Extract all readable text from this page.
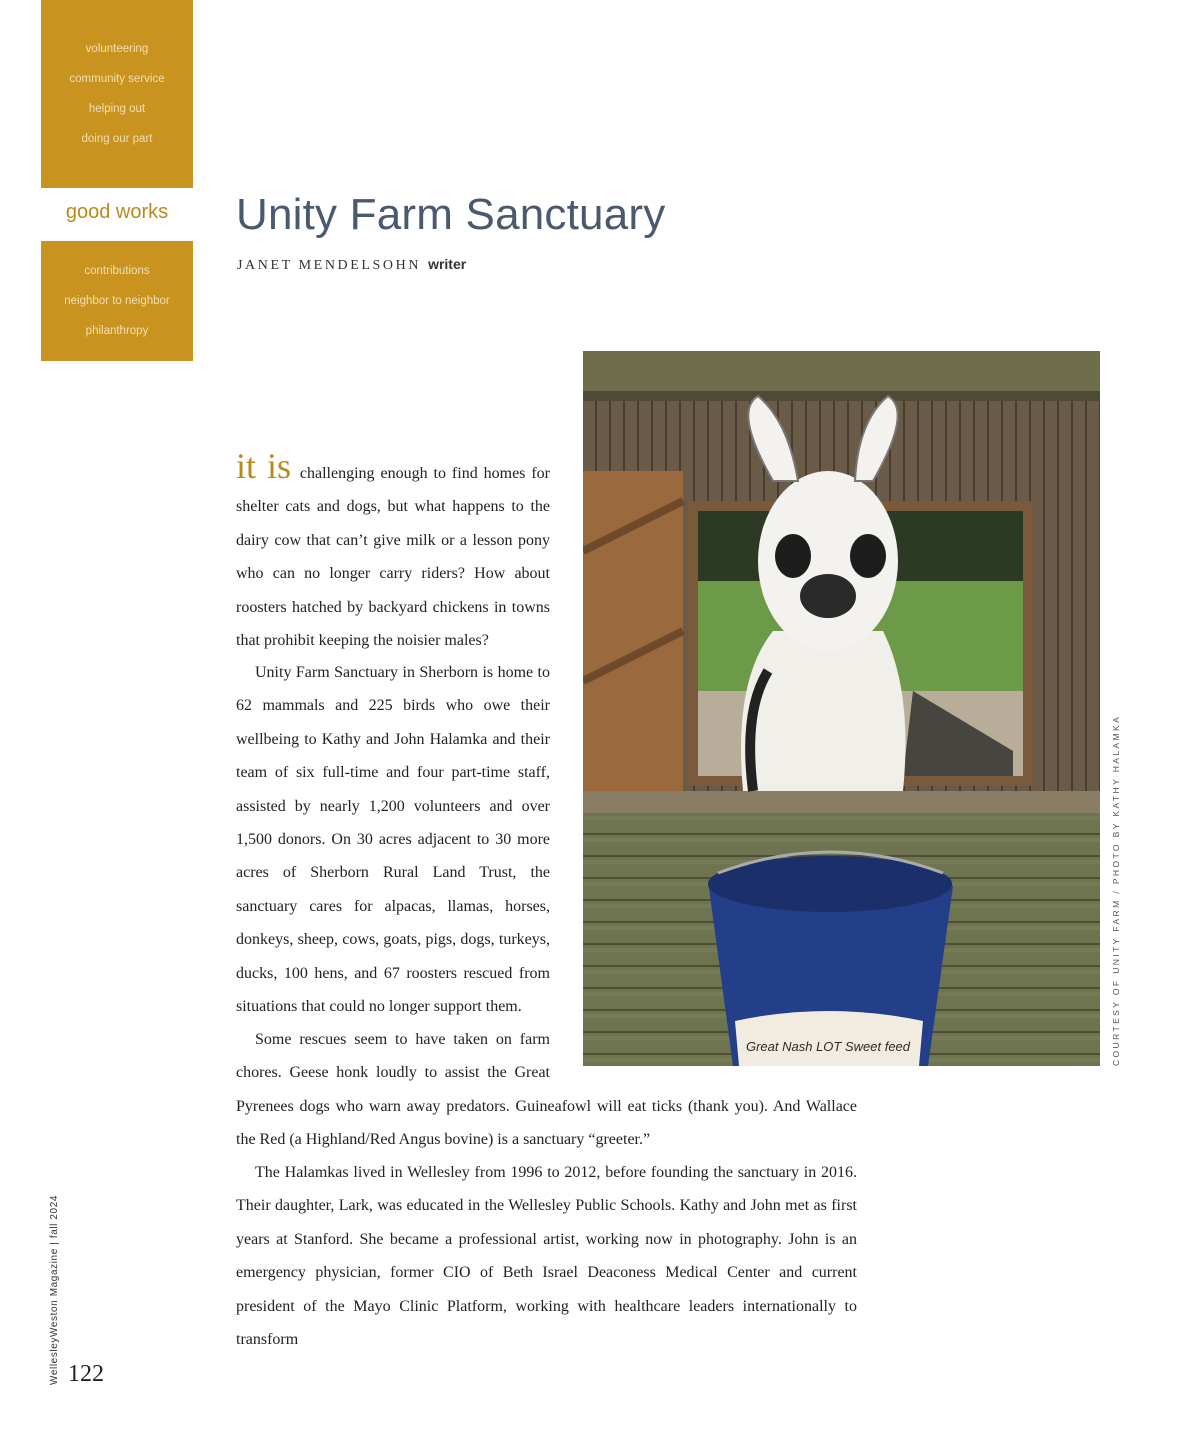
volunteering
community service
helping out
doing our part
good works
contributions
neighbor to neighbor
philanthropy
Unity Farm Sanctuary
JANET MENDELSOHN writer
Great Nash LOT Sweet feed	COURTESY OF UNITY FARM / PHOTO BY KATHY HALAMKA

it is challenging enough to find homes for shelter cats and dogs, but what happens to the dairy cow that can’t give milk or a lesson pony who can no longer carry riders? How about roosters hatched by backyard chickens in towns that prohibit keeping the noisier males?

Unity Farm Sanctuary in Sherborn is home to 62 mammals and 225 birds who owe their wellbeing to Kathy and John Halamka and their team of six full-time and four part-time staff, assisted by nearly 1,200 volunteers and over 1,500 donors. On 30 acres adjacent to 30 more acres of Sherborn Rural Land Trust, the sanctuary cares for alpacas, llamas, horses, donkeys, sheep, cows, goats, pigs, dogs, turkeys, ducks, 100 hens, and 67 roosters rescued from situations that could no longer support them.

Some rescues seem to have taken on farm chores. Geese honk loudly to assist the Great Pyrenees dogs who warn away predators. Guineafowl will eat ticks (thank you). And Wallace the Red (a Highland/Red Angus bovine) is a sanctuary “greeter.”

The Halamkas lived in Wellesley from 1996 to 2012, before founding the sanctuary in 2016. Their daughter, Lark, was educated in the Wellesley Public Schools. Kathy and John met as first years at Stanford. She became a professional artist, working now in photography. John is an emergency physician, former CIO of Beth Israel Deaconess Medical Center and current president of the Mayo Clinic Platform, working with healthcare leaders internationally to transform

WellesleyWeston Magazine | fall 2024 122
